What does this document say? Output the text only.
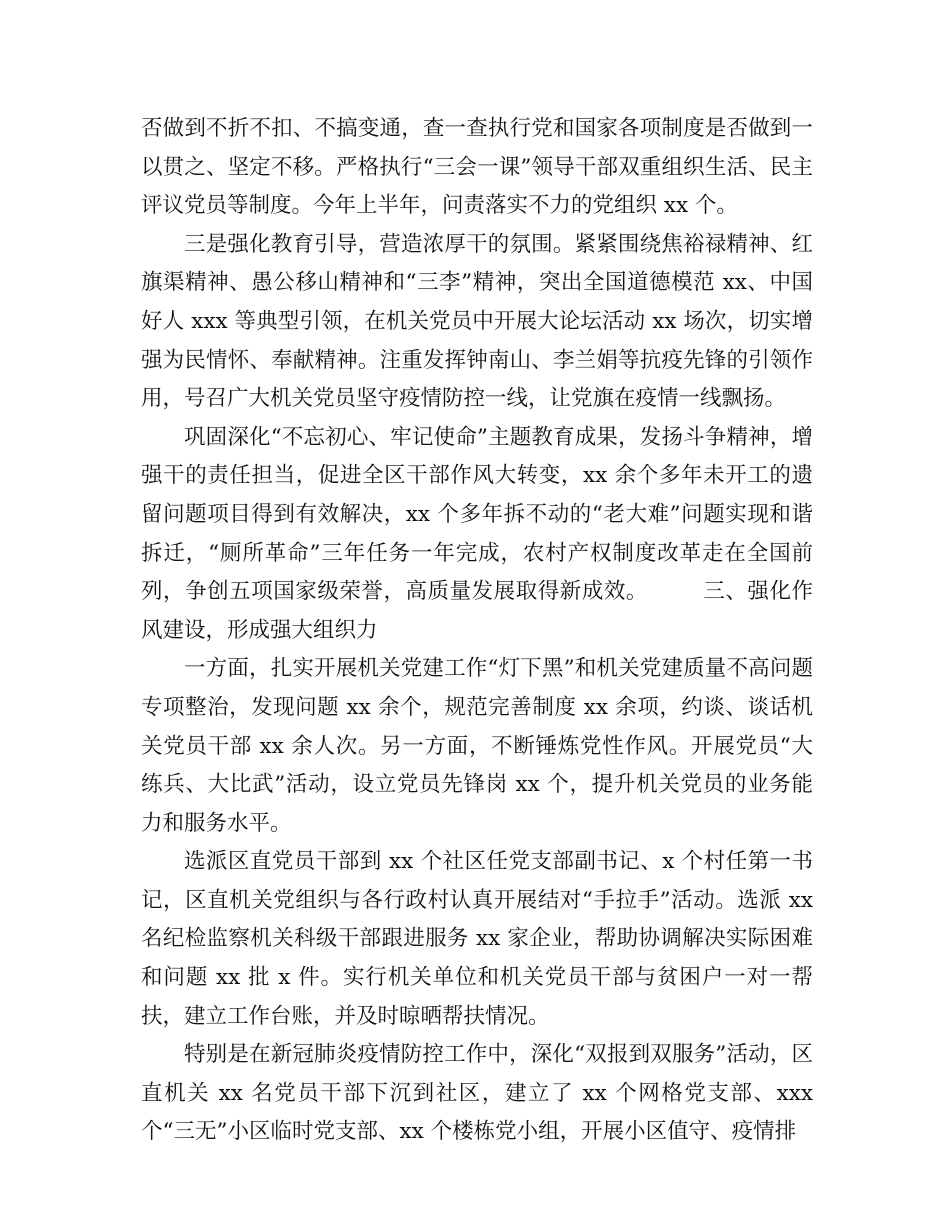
否做到不折不扣、不搞变通，查一查执行党和国家各项制度是否做到一以贯之、坚定不移。严格执行“三会一课”领导干部双重组织生活、民主评议党员等制度。今年上半年，问责落实不力的党组织 xx 个。

三是强化教育引导，营造浓厚干的氛围。紧紧围绕焦裕禄精神、红旗渠精神、愚公移山精神和“三李”精神，突出全国道德模范 xx、中国好人 xxx 等典型引领，在机关党员中开展大论坛活动 xx 场次，切实增强为民情怀、奉献精神。注重发挥钟南山、李兰娟等抗疫先锋的引领作用，号召广大机关党员坚守疫情防控一线，让党旗在疫情一线飘扬。

巩固深化“不忘初心、牢记使命”主题教育成果，发扬斗争精神，增强干的责任担当，促进全区干部作风大转变，xx 余个多年未开工的遗留问题项目得到有效解决，xx 个多年拆不动的“老大难”问题实现和谐拆迁，“厕所革命”三年任务一年完成，农村产权制度改革走在全国前列，争创五项国家级荣誉，高质量发展取得新成效。　　　三、强化作风建设，形成强大组织力

一方面，扎实开展机关党建工作“灯下黑”和机关党建质量不高问题专项整治，发现问题 xx 余个，规范完善制度 xx 余项，约谈、谈话机关党员干部 xx 余人次。另一方面，不断锤炼党性作风。开展党员“大练兵、大比武”活动，设立党员先锋岗 xx 个，提升机关党员的业务能力和服务水平。

选派区直党员干部到 xx 个社区任党支部副书记、x 个村任第一书记，区直机关党组织与各行政村认真开展结对“手拉手”活动。选派 xx 名纪检监察机关科级干部跟进服务 xx 家企业，帮助协调解决实际困难和问题 xx 批 x 件。实行机关单位和机关党员干部与贫困户一对一帮扶，建立工作台账，并及时晾晒帮扶情况。

特别是在新冠肺炎疫情防控工作中，深化“双报到双服务”活动，区直机关 xx 名党员干部下沉到社区，建立了 xx 个网格党支部、xxx 个“三无”小区临时党支部、xx 个楼栋党小组，开展小区值守、疫情排
